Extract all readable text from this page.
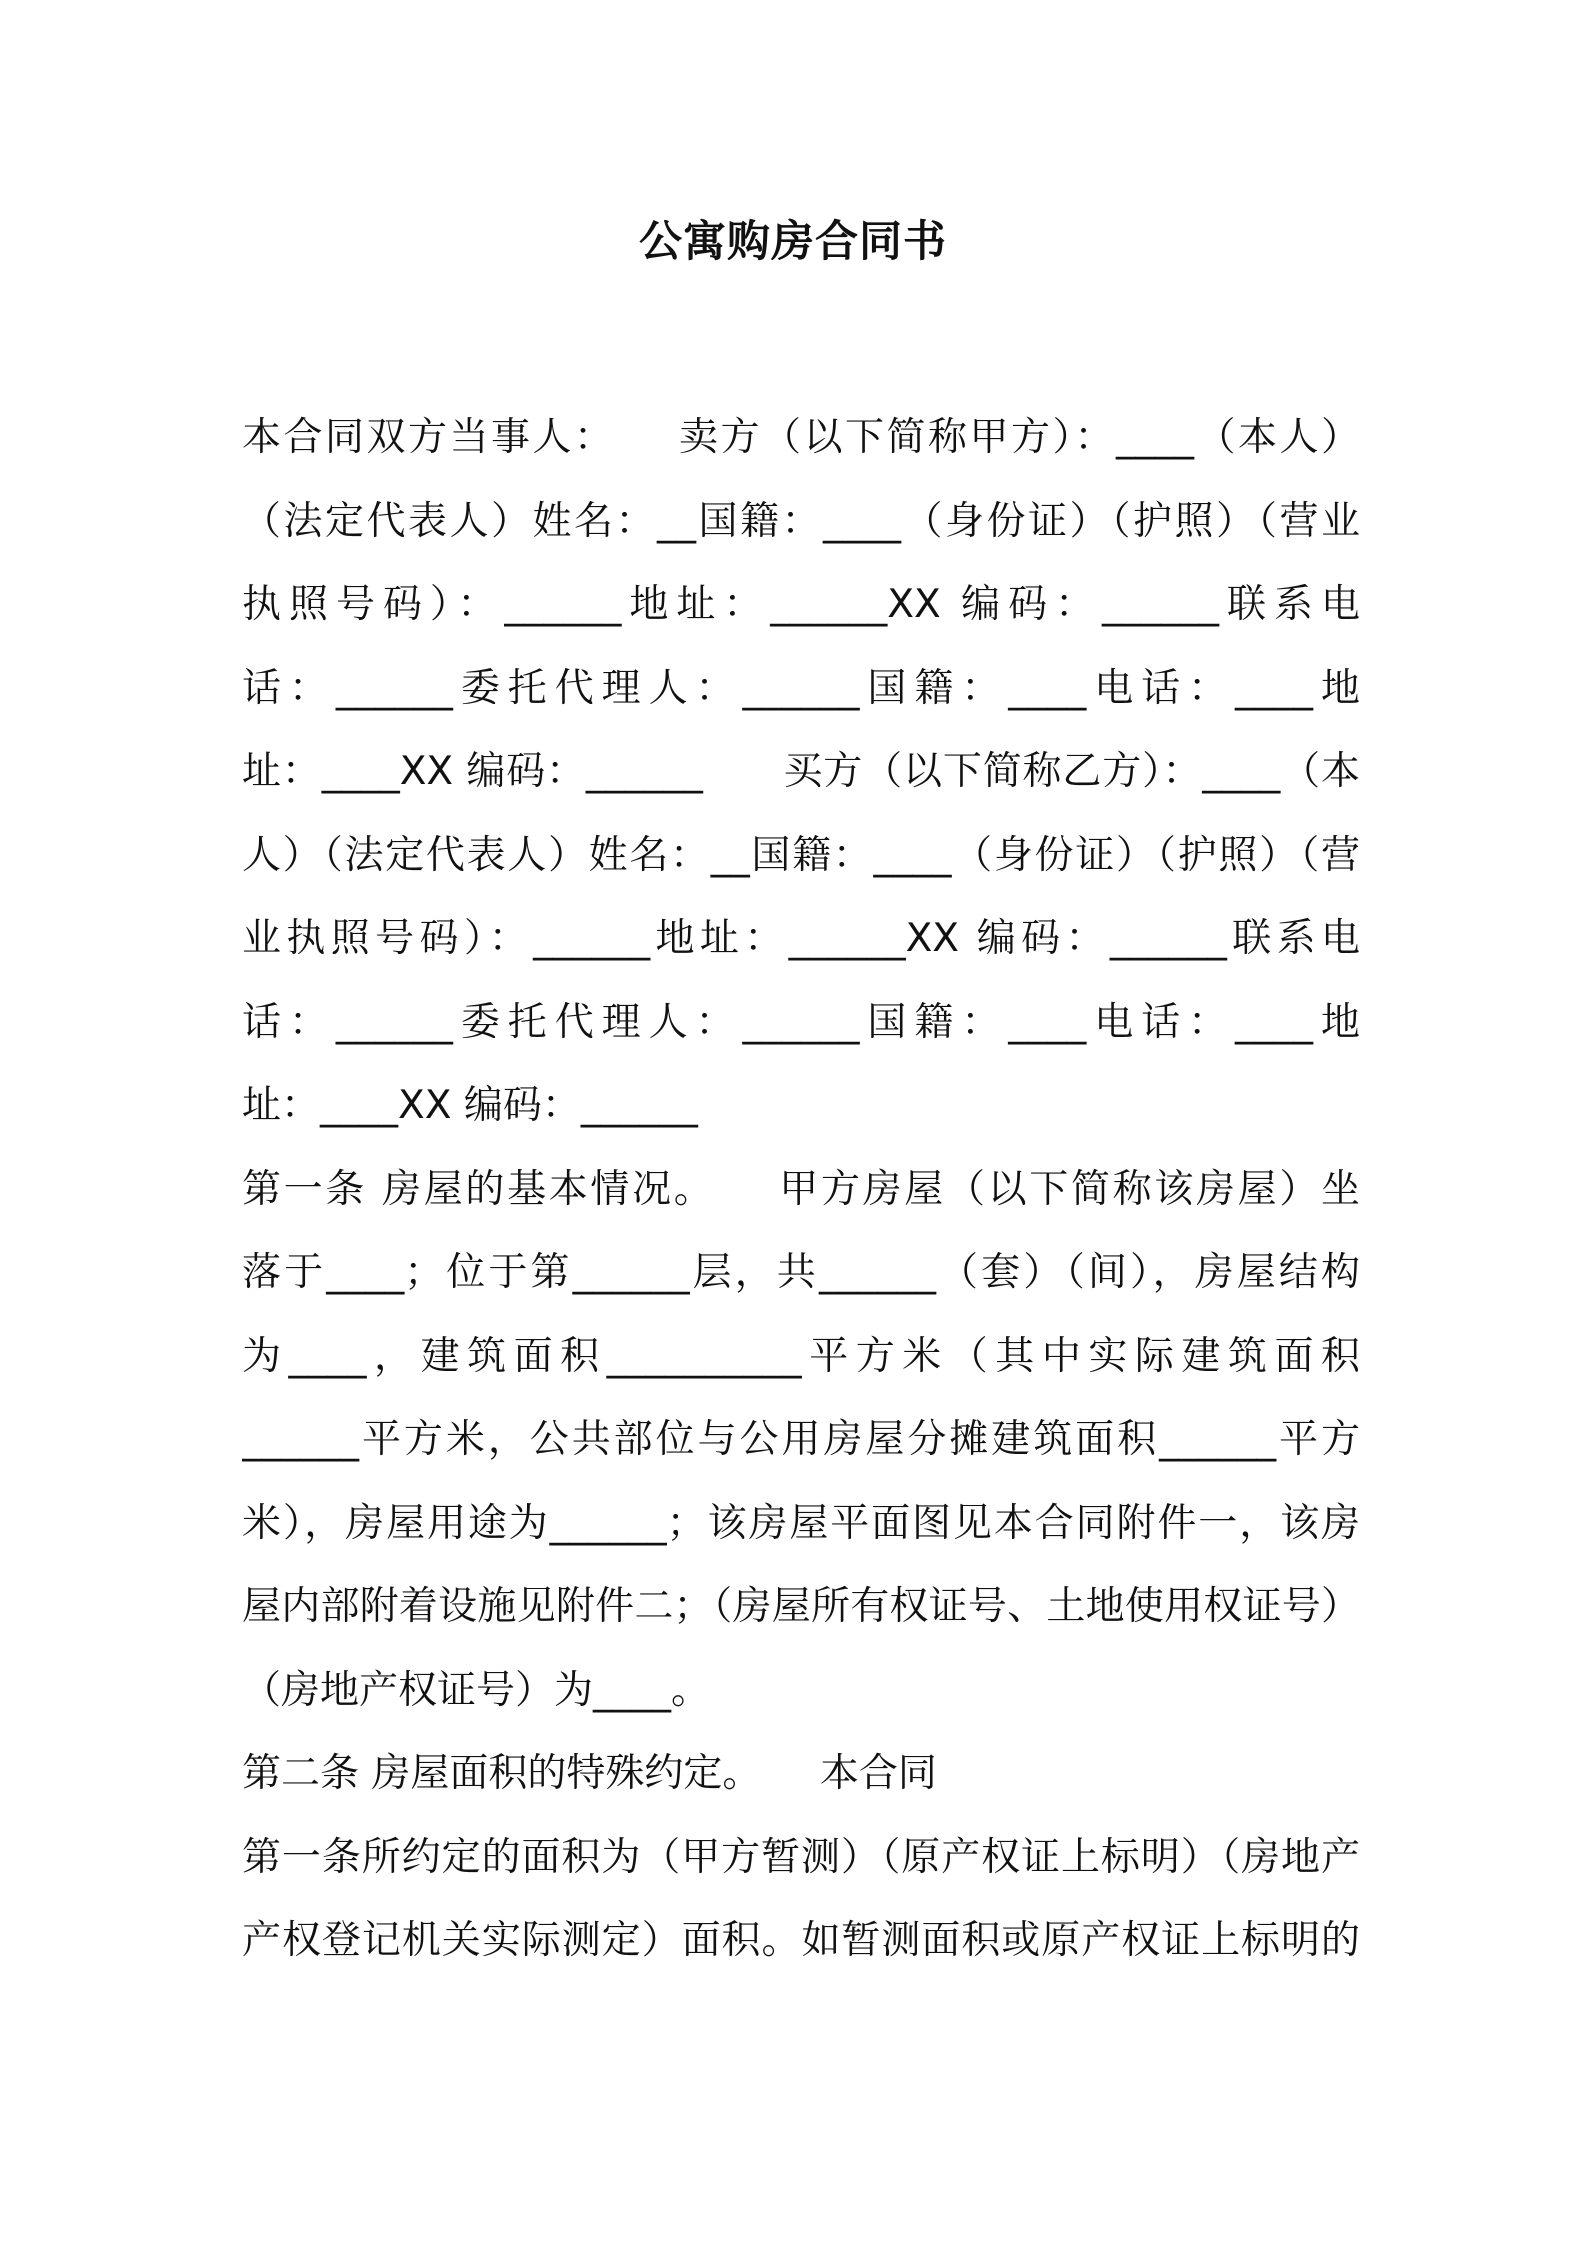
公寓购房合同书
本合同双方当事人：　　卖方（以下简称甲方）：____（本人）
（法定代表人）姓名：__国籍：____（身份证）（护照）（营业
执照号码）：______地址：______XX 编码：______联系电
话：______委托代理人：______国籍：____电话：____地
址：____XX 编码：______　　买方（以下简称乙方）：____（本
人）（法定代表人）姓名：__国籍：____（身份证）（护照）（营
业执照号码）：______地址：______XX 编码：______联系电
话：______委托代理人：______国籍：____电话：____地
址：____XX 编码：______
第一条 房屋的基本情况。　　甲方房屋（以下简称该房屋）坐
落于____；位于第______层，共______（套）（间），房屋结构
为____，建筑面积__________平方米（其中实际建筑面积
______平方米，公共部位与公用房屋分摊建筑面积______平方
米），房屋用途为______；该房屋平面图见本合同附件一，该房
屋内部附着设施见附件二；（房屋所有权证号、土地使用权证号）
（房地产权证号）为____。
第二条 房屋面积的特殊约定。　　本合同
第一条所约定的面积为（甲方暂测）（原产权证上标明）（房地产
产权登记机关实际测定）面积。如暂测面积或原产权证上标明的
